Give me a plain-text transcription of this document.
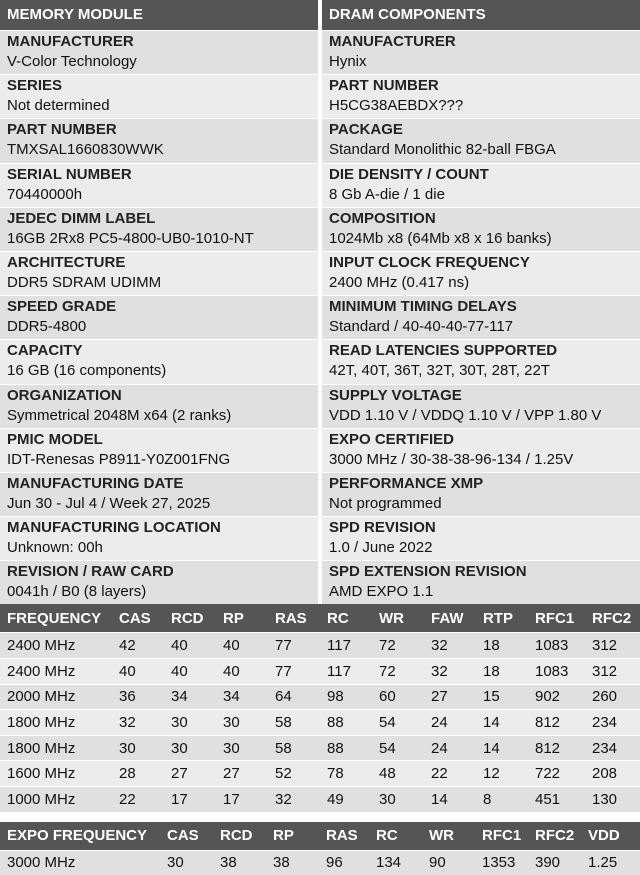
MEMORY MODULE
MANUFACTURER
V-Color Technology
SERIES
Not determined
PART NUMBER
TMXSAL1660830WWK
SERIAL NUMBER
70440000h
JEDEC DIMM LABEL
16GB 2Rx8 PC5-4800-UB0-1010-NT
ARCHITECTURE
DDR5 SDRAM UDIMM
SPEED GRADE
DDR5-4800
CAPACITY
16 GB (16 components)
ORGANIZATION
Symmetrical 2048M x64 (2 ranks)
PMIC MODEL
IDT-Renesas P8911-Y0Z001FNG
MANUFACTURING DATE
Jun 30 - Jul 4 / Week 27, 2025
MANUFACTURING LOCATION
Unknown: 00h
REVISION / RAW CARD
0041h / B0 (8 layers)
DRAM COMPONENTS
MANUFACTURER
Hynix
PART NUMBER
H5CG38AEBDX???
PACKAGE
Standard Monolithic 82-ball FBGA
DIE DENSITY / COUNT
8 Gb A-die / 1 die
COMPOSITION
1024Mb x8 (64Mb x8 x 16 banks)
INPUT CLOCK FREQUENCY
2400 MHz (0.417 ns)
MINIMUM TIMING DELAYS
Standard / 40-40-40-77-117
READ LATENCIES SUPPORTED
42T, 40T, 36T, 32T, 30T, 28T, 22T
SUPPLY VOLTAGE
VDD 1.10 V / VDDQ 1.10 V / VPP 1.80 V
EXPO CERTIFIED
3000 MHz / 30-38-38-96-134 / 1.25V
PERFORMANCE XMP
Not programmed
SPD REVISION
1.0 / June 2022
SPD EXTENSION REVISION
AMD EXPO 1.1
FREQUENCY	CAS	RCD	RP	RAS	RC	WR	FAW	RTP	RFC1	RFC2
2400 MHz	42	40	40	77	117	72	32	18	1083	312
2400 MHz	40	40	40	77	117	72	32	18	1083	312
2000 MHz	36	34	34	64	98	60	27	15	902	260
1800 MHz	32	30	30	58	88	54	24	14	812	234
1800 MHz	30	30	30	58	88	54	24	14	812	234
1600 MHz	28	27	27	52	78	48	22	12	722	208
1000 MHz	22	17	17	32	49	30	14	8	451	130
EXPO FREQUENCY	CAS	RCD	RP	RAS	RC	WR	RFC1	RFC2	VDD
3000 MHz	30	38	38	96	134	90	1353	390	1.25
